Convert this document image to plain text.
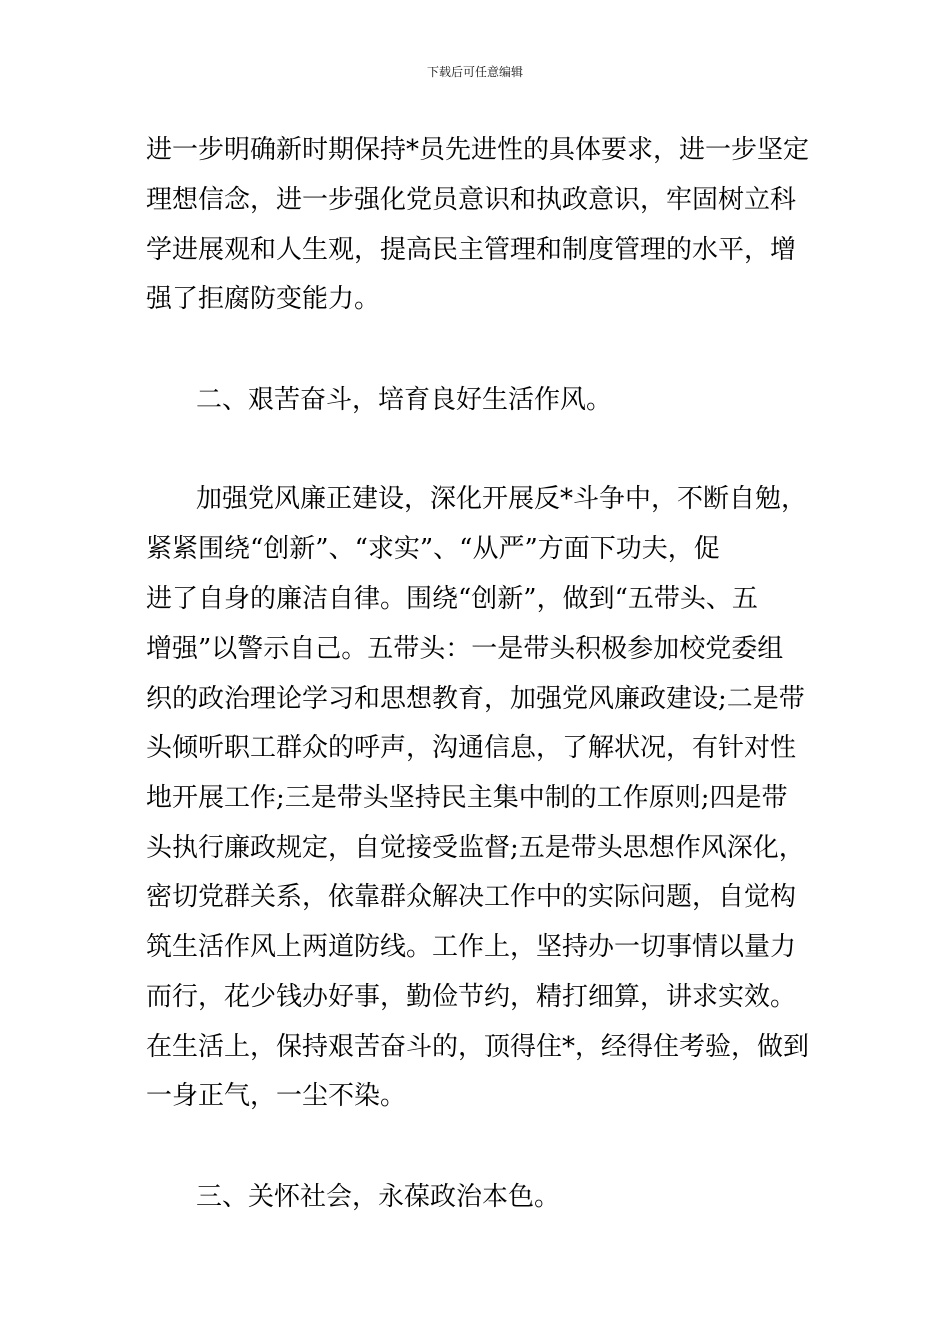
下载后可任意编辑
进一步明确新时期保持*员先进性的具体要求，进一步坚定
理想信念，进一步强化党员意识和执政意识，牢固树立科
学进展观和人生观，提高民主管理和制度管理的水平，增
强了拒腐防变能力。
二、艰苦奋斗，培育良好生活作风。
加强党风廉正建设，深化开展反*斗争中，不断自勉，
紧紧围绕“创新”、“求实”、“从严”方面下功夫，促
进了自身的廉洁自律。围绕“创新”，做到“五带头、五
增强”以警示自己。五带头：一是带头积极参加校党委组
织的政治理论学习和思想教育，加强党风廉政建设;二是带
头倾听职工群众的呼声，沟通信息，了解状况，有针对性
地开展工作;三是带头坚持民主集中制的工作原则;四是带
头执行廉政规定，自觉接受监督;五是带头思想作风深化，
密切党群关系，依靠群众解决工作中的实际问题，自觉构
筑生活作风上两道防线。工作上，坚持办一切事情以量力
而行，花少钱办好事，勤俭节约，精打细算，讲求实效。
在生活上，保持艰苦奋斗的，顶得住*，经得住考验，做到
一身正气，一尘不染。
三、关怀社会，永葆政治本色。
